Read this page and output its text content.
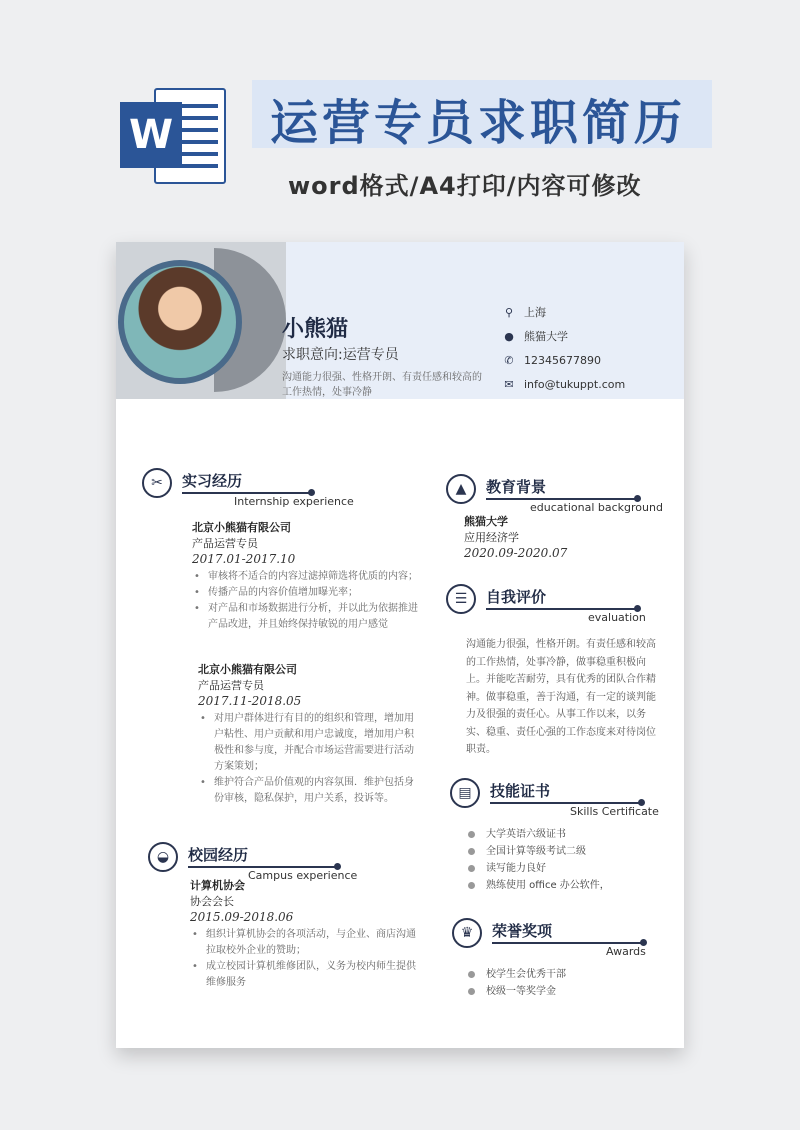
W 运营专员求职简历
word格式/A4打印/内容可修改
小熊猫
求职意向:运营专员
沟通能力很强、性格开朗、有责任感和较高的工作热情，处事冷静
⚲ 上海
● 熊猫大学
✆ 12345677890
✉ info@tukuppt.com
✂	实习经历
Internship experience
北京小熊猫有限公司
产品运营专员
2017.01-2017.10
• 审核将不适合的内容过滤掉筛选将优质的内容；
• 传播产品的内容价值增加曝光率；
• 对产品和市场数据进行分析，并以此为依据推进产品改进，并且始终保持敏锐的用户感觉
北京小熊猫有限公司
产品运营专员
2017.11-2018.05
• 对用户群体进行有目的的组织和管理，增加用户粘性、用户贡献和用户忠诚度，增加用户积极性和参与度，并配合市场运营需要进行活动方案策划；
• 维护符合产品价值观的内容氛围．维护包括身份审核，隐私保护，用户关系，投诉等。
◒	校园经历
Campus experience
计算机协会
协会会长
2015.09-2018.06
• 组织计算机协会的各项活动，与企业、商店沟通拉取校外企业的赞助；
• 成立校园计算机维修团队，义务为校内师生提供维修服务
▲	教育背景
educational background
熊猫大学
应用经济学
2020.09-2020.07
☰	自我评价
evaluation
沟通能力很强，性格开朗。有责任感和较高的工作热情，处事冷静，做事稳重积极向上。并能吃苦耐劳，具有优秀的团队合作精神。做事稳重，善于沟通，有一定的谈判能力及很强的责任心。从事工作以来，以务实、稳重、责任心强的工作态度来对待岗位职责。
▤	技能证书
Skills Certificate
大学英语六级证书
全国计算等级考试二级
读写能力良好
熟练使用 office 办公软件，
♛	荣誉奖项
Awards
校学生会优秀干部
校级一等奖学金
